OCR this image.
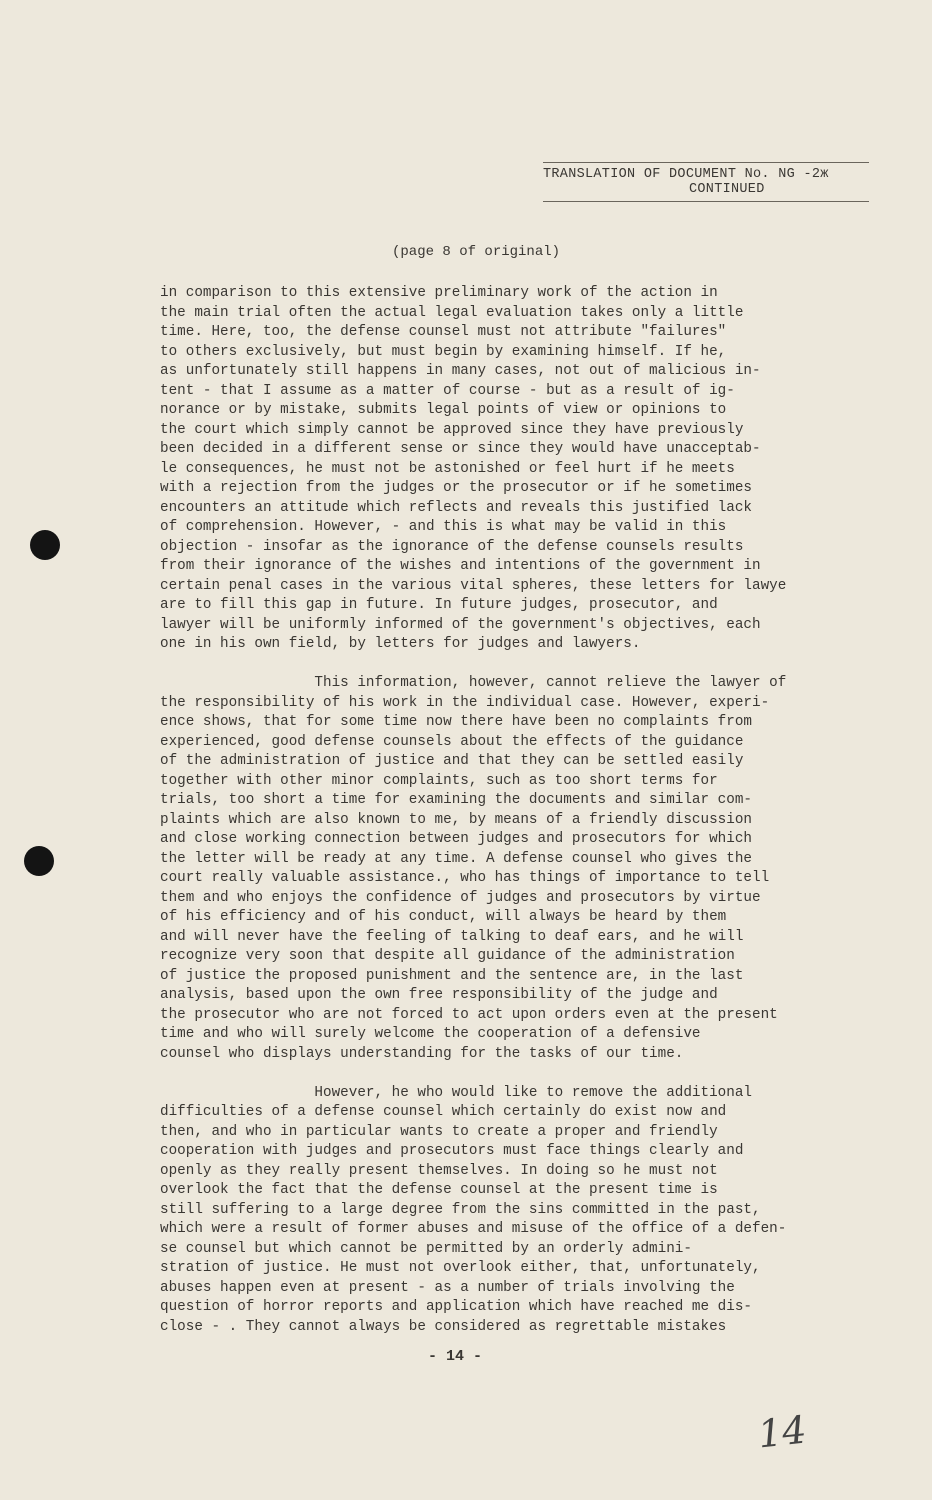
TRANSLATION OF DOCUMENT No. NG -2ж
CONTINUED
(page 8 of original)
in comparison to this extensive preliminary work of the action in
the main trial often the actual legal evaluation takes only a little
time. Here, too, the defense counsel must not attribute "failures"
to others exclusively, but must begin by examining himself. If he,
as unfortunately still happens in many cases, not out of malicious in-
tent - that I assume as a matter of course - but as a result of ig-
norance or by mistake, submits legal points of view or opinions to
the court which simply cannot be approved since they have previously
been decided in a different sense or since they would have unacceptab-
le consequences, he must not be astonished or feel hurt if he meets
with a rejection from the judges or the prosecutor or if he sometimes
encounters an attitude which reflects and reveals this justified lack
of comprehension. However, - and this is what may be valid in this
objection - insofar as the ignorance of the defense counsels results
from their ignorance of the wishes and intentions of the government in
certain penal cases in the various vital spheres, these letters for lawye
are to fill this gap in future. In future judges, prosecutor, and
lawyer will be uniformly informed of the government's objectives, each
one in his own field, by letters for judges and lawyers.
This information, however, cannot relieve the lawyer of
the responsibility of his work in the individual case. However, experi-
ence shows, that for some time now there have been no complaints from
experienced, good defense counsels about the effects of the guidance
of the administration of justice and that they can be settled easily
together with other minor complaints, such as too short terms for
trials, too short a time for examining the documents and similar com-
plaints which are also known to me, by means of a friendly discussion
and close working connection between judges and prosecutors for which
the letter will be ready at any time. A defense counsel who gives the
court really valuable assistance., who has things of importance to tell
them and who enjoys the confidence of judges and prosecutors by virtue
of his efficiency and of his conduct, will always be heard by them
and will never have the feeling of talking to deaf ears, and he will
recognize very soon that despite all guidance of the administration
of justice the proposed punishment and the sentence are, in the last
analysis, based upon the own free responsibility of the judge and
the prosecutor who are not forced to act upon orders even at the present
time and who will surely welcome the cooperation of a defensive
counsel who displays understanding for the tasks of our time.
However, he who would like to remove the additional
difficulties of a defense counsel which certainly do exist now and
then, and who in particular wants to create a proper and friendly
cooperation with judges and prosecutors must face things clearly and
openly as they really present themselves. In doing so he must not
overlook the fact that the defense counsel at the present time is
still suffering to a large degree from the sins committed in the past,
which were a result of former abuses and misuse of the office of a defen-
se counsel but which cannot be permitted by an orderly admini-
stration of justice. He must not overlook either, that, unfortunately,
abuses happen even at present - as a number of trials involving the
question of horror reports and application which have reached me dis-
close - . They cannot always be considered as regrettable mistakes
- 14 -
14
